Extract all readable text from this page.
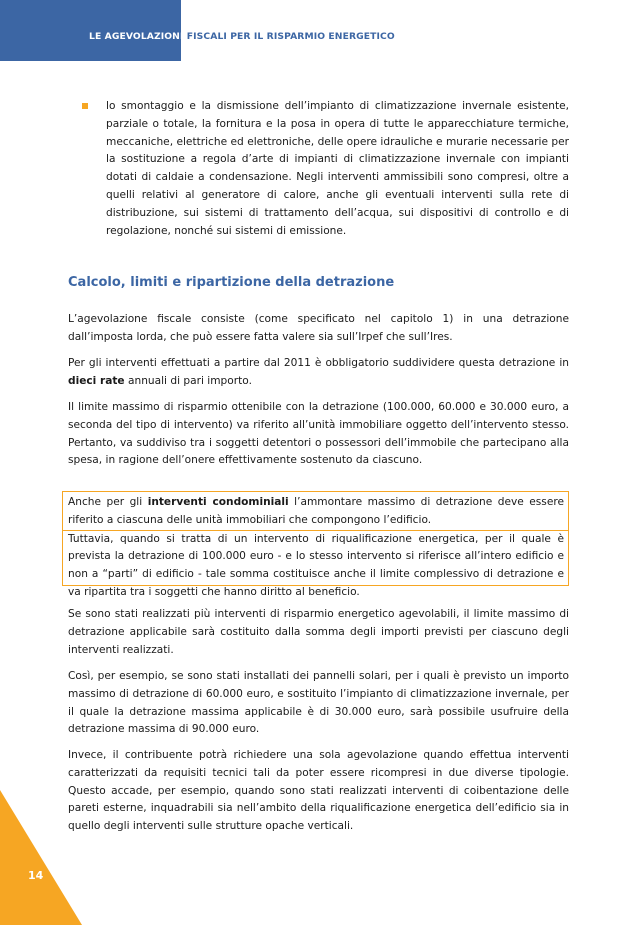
LE AGEVOLAZIONI FISCALI PER IL RISPARMIO ENERGETICO
lo smontaggio e la dismissione dell’impianto di climatizzazione invernale esistente, parziale o totale, la fornitura e la posa in opera di tutte le apparecchiature termiche, meccaniche, elettriche ed elettroniche, delle opere idrauliche e murarie necessarie per la sostituzione a regola d’arte di impianti di climatizzazione invernale con impianti dotati di caldaie a condensazione. Negli interventi ammissibili sono compresi, oltre a quelli relativi al generatore di calore, anche gli eventuali interventi sulla rete di distribuzione, sui sistemi di trattamento dell’acqua, sui dispositivi di controllo e di regolazione, nonché sui sistemi di emissione.
Calcolo, limiti e ripartizione della detrazione

L’agevolazione fiscale consiste (come specificato nel capitolo 1) in una detrazione dall’imposta lorda, che può essere fatta valere sia sull’Irpef che sull’Ires.

Per gli interventi effettuati a partire dal 2011 è obbligatorio suddividere questa detrazione in dieci rate annuali di pari importo.

Il limite massimo di risparmio ottenibile con la detrazione (100.000, 60.000 e 30.000 euro, a seconda del tipo di intervento) va riferito all’unità immobiliare oggetto dell’intervento stesso. Pertanto, va suddiviso tra i soggetti detentori o possessori dell’immobile che partecipano alla spesa, in ragione dell’onere effettivamente sostenuto da ciascuno.

Anche per gli interventi condominiali l’ammontare massimo di detrazione deve essere riferito a ciascuna delle unità immobiliari che compongono l’edificio.

Tuttavia, quando si tratta di un intervento di riqualificazione energetica, per il quale è prevista la detrazione di 100.000 euro - e lo stesso intervento si riferisce all’intero edificio e non a “parti” di edificio - tale somma costituisce anche il limite complessivo di detrazione e va ripartita tra i soggetti che hanno diritto al beneficio.

Se sono stati realizzati più interventi di risparmio energetico agevolabili, il limite massimo di detrazione applicabile sarà costituito dalla somma degli importi previsti per ciascuno degli interventi realizzati.

Così, per esempio, se sono stati installati dei pannelli solari, per i quali è previsto un importo massimo di detrazione di 60.000 euro, e sostituito l’impianto di climatizzazione invernale, per il quale la detrazione massima applicabile è di 30.000 euro, sarà possibile usufruire della detrazione massima di 90.000 euro.

Invece, il contribuente potrà richiedere una sola agevolazione quando effettua interventi caratterizzati da requisiti tecnici tali da poter essere ricompresi in due diverse tipologie. Questo accade, per esempio, quando sono stati realizzati interventi di coibentazione delle pareti esterne, inquadrabili sia nell’ambito della riqualificazione energetica dell’edificio sia in quello degli interventi sulle strutture opache verticali.

14
